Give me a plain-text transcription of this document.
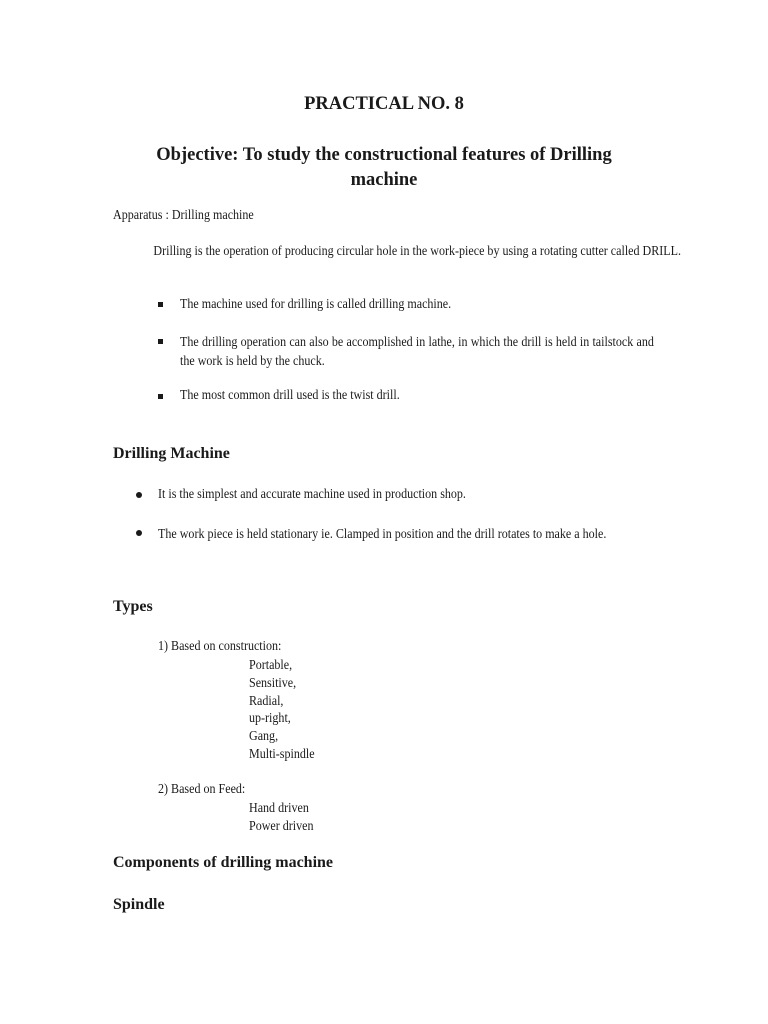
PRACTICAL NO. 8
Objective: To study the constructional features of Drilling
machine
Apparatus : Drilling machine
Drilling is the operation of producing circular hole in the work-piece by using a rotating cutter called DRILL.
The machine used for drilling is called drilling machine.
The drilling operation can also be accomplished in lathe, in which the drill is held in tailstock and the work is held by the chuck.
The most common drill used is the twist drill.
Drilling Machine
It is the simplest and accurate machine used in production shop.
The work piece is held stationary ie. Clamped in position and the drill rotates to make a hole.
Types
1) Based on construction:
Portable,
Sensitive,
Radial,
up-right,
Gang,
Multi-spindle
2) Based on Feed:
Hand driven
Power driven
Components of drilling machine
Spindle
